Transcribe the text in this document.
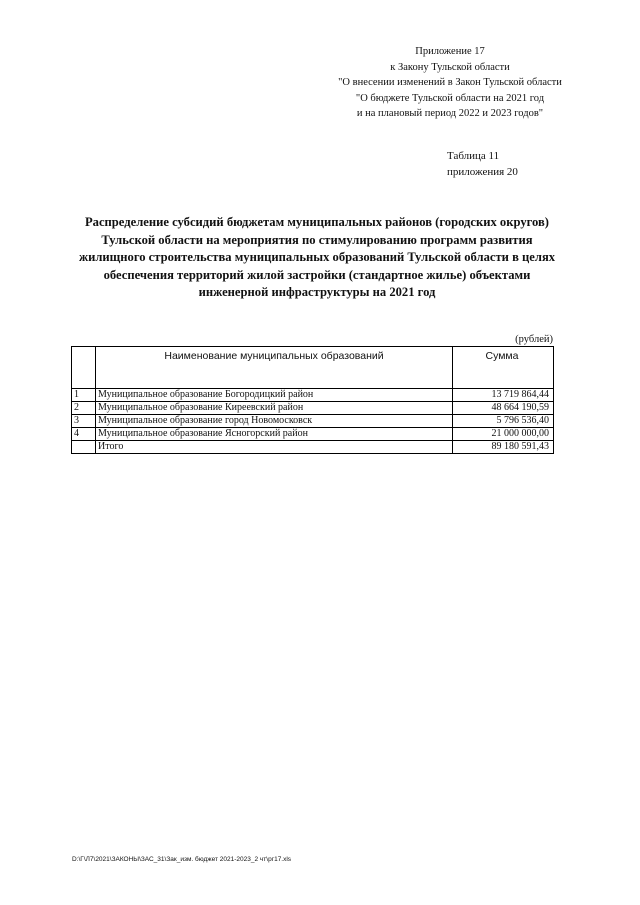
Приложение 17
к Закону Тульской области
"О внесении изменений в Закон Тульской области
"О бюджете Тульской области на 2021 год
и на плановый период 2022 и 2023 годов"
Таблица 11
приложения 20
Распределение субсидий бюджетам муниципальных районов (городских округов)
Тульской области на мероприятия по стимулированию программ развития
жилищного строительства муниципальных образований Тульской области в целях
обеспечения территорий жилой застройки (стандартное жилье) объектами
инженерной инфраструктуры на 2021 год
(рублей)
	Наименование муниципальных образований	Сумма
1	Муниципальное образование Богородицкий район	13 719 864,44
2	Муниципальное образование Киреевский район	48 664 190,59
3	Муниципальное образование город Новомосковск	5 796 536,40
4	Муниципальное образование Ясногорский район	21 000 000,00
	Итого	89 180 591,43
D:\Г\Л7\2021\ЗАКОНЫ\ЗАС_31\Зак_изм. бюджет 2021-2023_2 чт\рг17.xls
